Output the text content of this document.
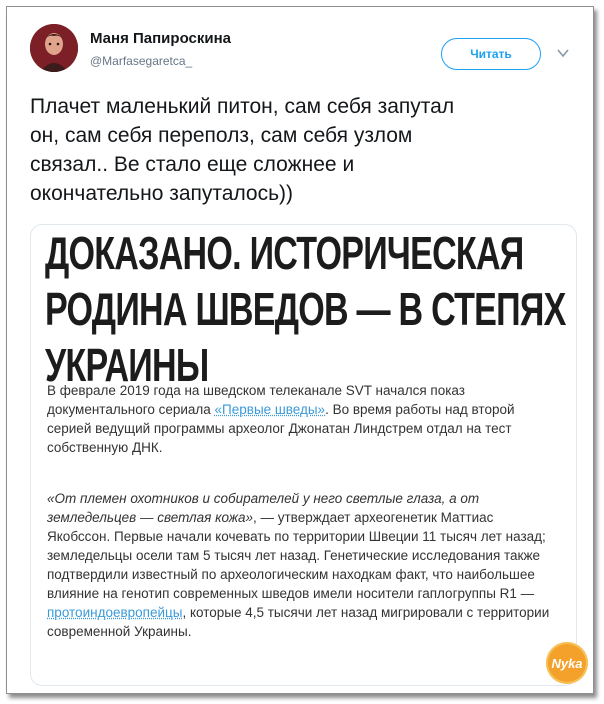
Маня Папироскина
@Marfasegaretca_	Читать
Плачет маленький питон, сам себя запутал
он, сам себя переполз, сам себя узлом
связал.. Ве стало еще сложнее и
окончательно запуталось))
ДОКАЗАНО. ИСТОРИЧЕСКАЯ
РОДИНА ШВЕДОВ — В СТЕПЯХ
УКРАИНЫ
В феврале 2019 года на шведском телеканале SVT начался показ документального сериала «Первые шведы». Во время работы над второй серией ведущий программы археолог Джонатан Линдстрем отдал на тест собственную ДНК.
«От племен охотников и собирателей у него светлые глаза, а от земледельцев — светлая кожа», — утверждает археогенетик Маттиас Якобссон. Первые начали кочевать по территории Швеции 11 тысяч лет назад; земледельцы осели там 5 тысяч лет назад. Генетические исследования также подтвердили известный по археологическим находкам факт, что наибольшее влияние на генотип современных шведов имели носители гаплогруппы R1 — протоиндоевропейцы, которые 4,5 тысячи лет назад мигрировали с территории современной Украины.
Nyka
